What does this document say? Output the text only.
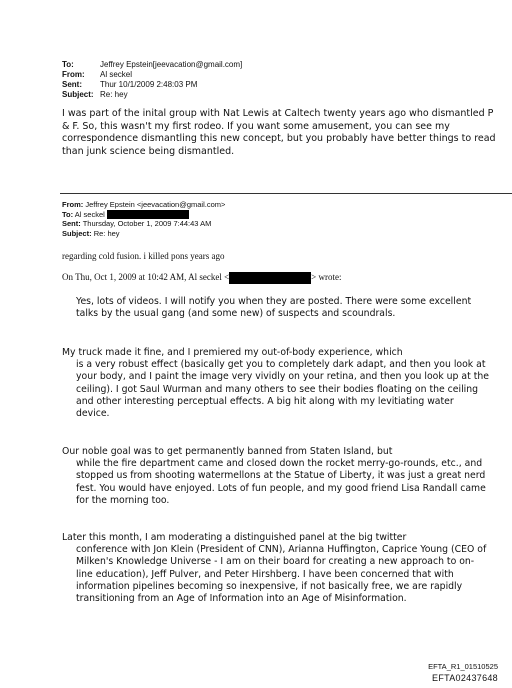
To:	Jeffrey Epstein[jeevacation@gmail.com]
From:	Al seckel
Sent:	Thur 10/1/2009 2:48:03 PM
Subject: Re: hey
I was part of the inital group with Nat Lewis at Caltech twenty years ago who dismantled P & F. So, this wasn't my first rodeo. If you want some amusement, you can see my correspondence dismantling this new concept, but you probably have better things to read than junk science being dismantled.
From: Jeffrey Epstein <jeevacation@gmail.com>
To: Al seckel
Sent: Thursday, October 1, 2009 7:44:43 AM
Subject: Re: hey
regarding cold fusion. i killed pons years ago
On Thu, Oct 1, 2009 at 10:42 AM, Al seckel <	> wrote:
Yes, lots of videos. I will notify you when they are posted. There were some excellent talks by the usual gang (and some new) of suspects and scoundrals.
My truck made it fine, and I premiered my out-of-body experience, which
is a very robust effect (basically get you to completely dark adapt, and then you look at your body, and I paint the image very vividly on your retina, and then you look up at the ceiling). I got Saul Wurman and many others to see their bodies floating on the ceiling and other interesting perceptual effects. A big hit along with my levitiating water device.
Our noble goal was to get permanently banned from Staten Island, but
while the fire department came and closed down the rocket merry-go-rounds, etc., and stopped us from shooting watermellons at the Statue of Liberty, it was just a great nerd fest. You would have enjoyed. Lots of fun people, and my good friend Lisa Randall came for the morning too.
Later this month, I am moderating a distinguished panel at the big twitter
conference with Jon Klein (President of CNN), Arianna Huffington, Caprice Young (CEO of Milken's Knowledge Universe - I am on their board for creating a new approach to on-line education), Jeff Pulver, and Peter Hirshberg. I have been concerned that with information pipelines becoming so inexpensive, if not basically free, we are rapidly transitioning from an Age of Information into an Age of Misinformation.
EFTA_R1_01510525
EFTA02437648
